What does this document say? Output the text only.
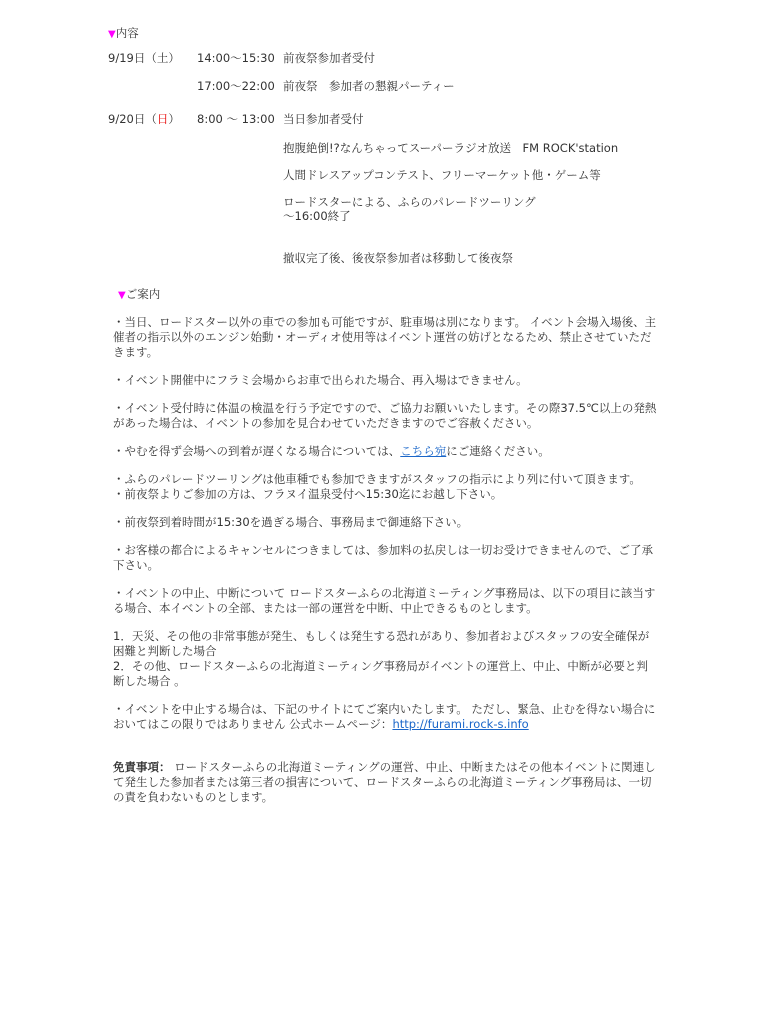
▼内容
9/19日（土） 14:00〜15:30 前夜祭参加者受付
17:00〜22:00 前夜祭　参加者の懇親パーティー
9/20日（日） 8:00 〜 13:00 当日参加者受付
抱腹絶倒!?なんちゃってスーパーラジオ放送　FM ROCK'station
人間ドレスアップコンテスト、フリーマーケット他・ゲーム等
ロードスターによる、ふらのパレードツーリング
〜16:00終了
撤収完了後、後夜祭参加者は移動して後夜祭
▼ご案内

・当日、ロードスター以外の車での参加も可能ですが、駐車場は別になります。 イベント会場入場後、主催者の指示以外のエンジン始動・オーディオ使用等はイベント運営の妨げとなるため、禁止させていただきます。

・イベント開催中にフラミ会場からお車で出られた場合、再入場はできません。

・イベント受付時に体温の検温を行う予定ですので、ご協力お願いいたします。その際37.5℃以上の発熱があった場合は、イベントの参加を見合わせていただきますのでご容赦ください。

・やむを得ず会場への到着が遅くなる場合については、こちら宛にご連絡ください。

・ふらのパレードツーリングは他車種でも参加できますがスタッフの指示により列に付いて頂きます。

・前夜祭よりご参加の方は、フラヌイ温泉受付へ15:30迄にお越し下さい。

・前夜祭到着時間が15:30を過ぎる場合、事務局まで御連絡下さい。

・お客様の都合によるキャンセルにつきましては、参加料の払戻しは一切お受けできませんので、ご了承下さい。

・イベントの中止、中断について ロードスターふらの北海道ミーティング事務局は、以下の項目に該当する場合、本イベントの全部、または一部の運営を中断、中止できるものとします。

1．天災、その他の非常事態が発生、もしくは発生する恐れがあり、参加者およびスタッフの安全確保が困難と判断した場合

2．その他、ロードスターふらの北海道ミーティング事務局がイベントの運営上、中止、中断が必要と判断した場合 。

・イベントを中止する場合は、下記のサイトにてご案内いたします。 ただし、緊急、止むを得ない場合においてはこの限りではありません 公式ホームページ：http://furami.rock-s.info

免責事項： ロードスターふらの北海道ミーティングの運営、中止、中断またはその他本イベントに関連して発生した参加者または第三者の損害について、ロードスターふらの北海道ミーティング事務局は、一切の責を負わないものとします。
